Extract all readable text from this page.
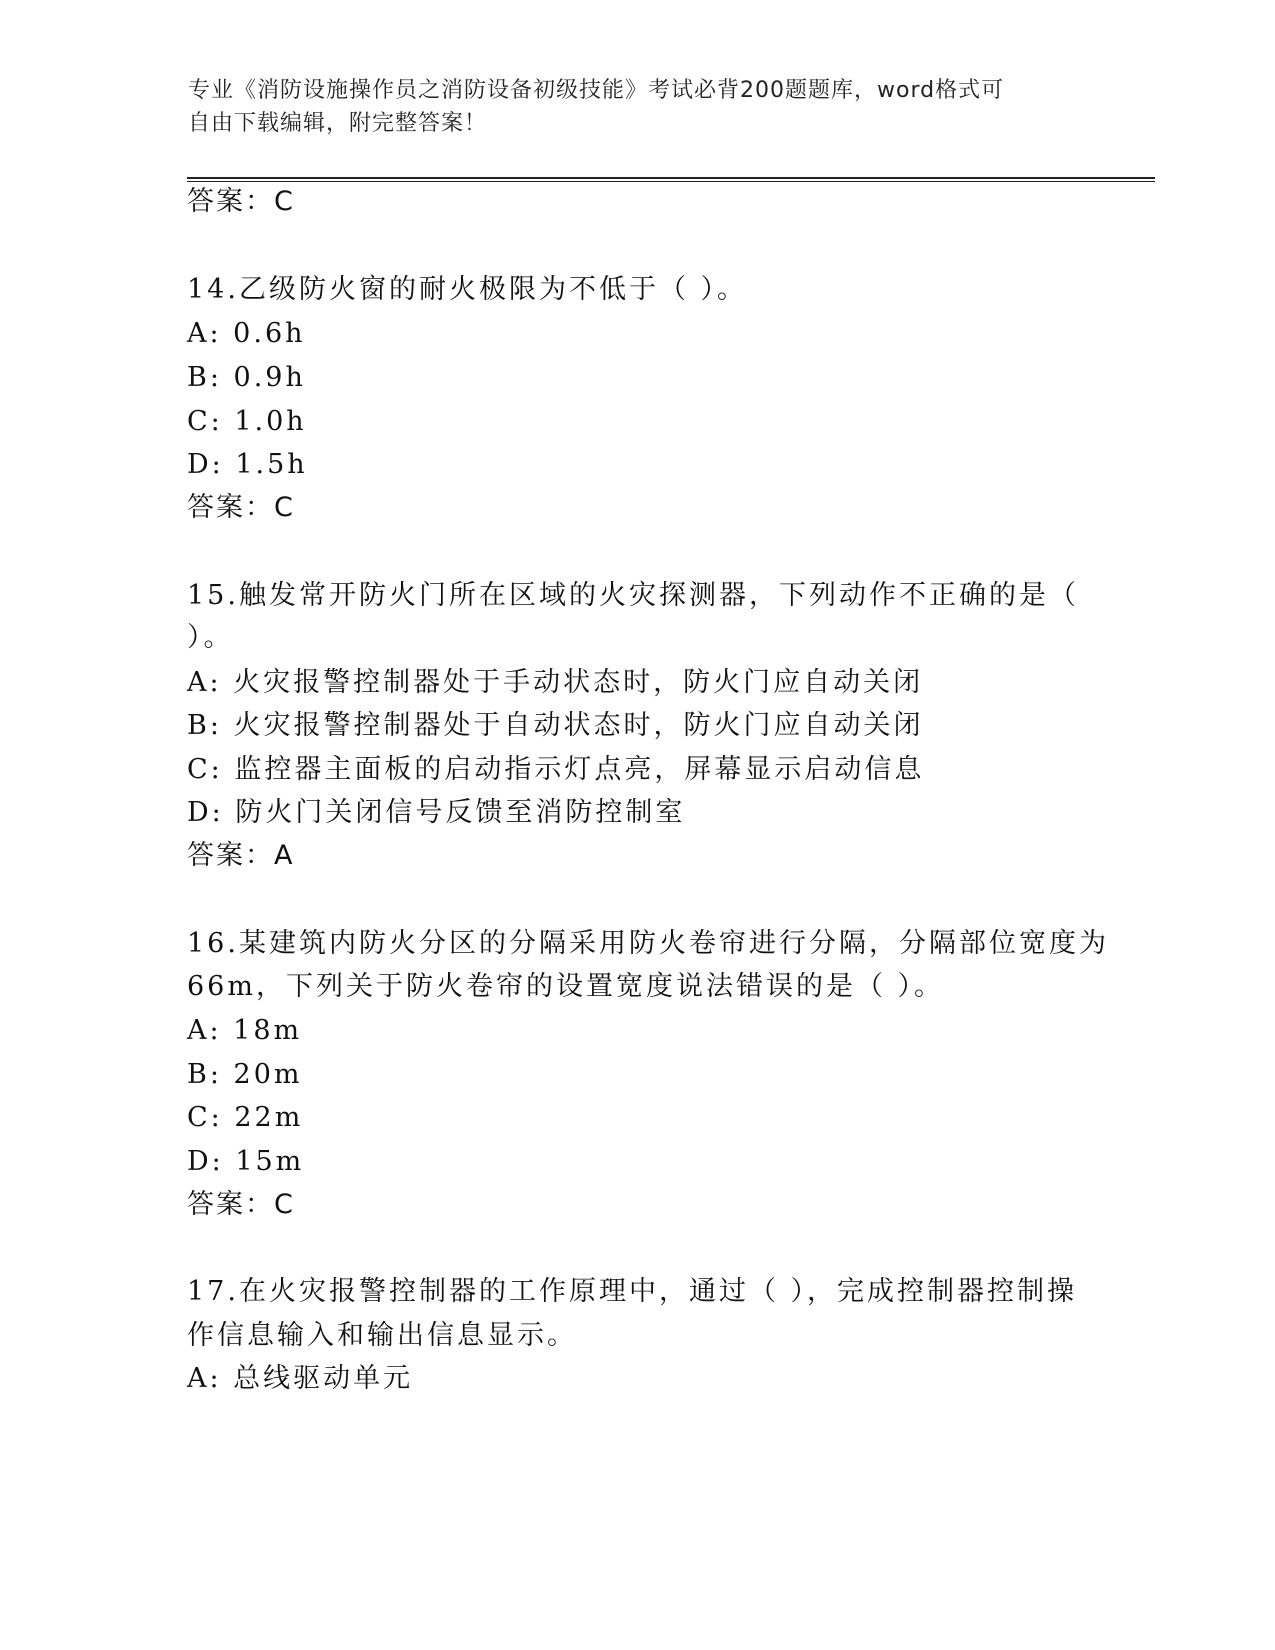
专业《消防设施操作员之消防设备初级技能》考试必背200题题库，word格式可
自由下载编辑，附完整答案！
答案：C
14.乙级防火窗的耐火极限为不低于（ ）。
A: 0.6h
B: 0.9h
C: 1.0h
D: 1.5h
答案：C
15.触发常开防火门所在区域的火灾探测器，下列动作不正确的是（
）。
A: 火灾报警控制器处于手动状态时，防火门应自动关闭
B: 火灾报警控制器处于自动状态时，防火门应自动关闭
C: 监控器主面板的启动指示灯点亮，屏幕显示启动信息
D: 防火门关闭信号反馈至消防控制室
答案：A
16.某建筑内防火分区的分隔采用防火卷帘进行分隔，分隔部位宽度为
66m，下列关于防火卷帘的设置宽度说法错误的是（ ）。
A: 18m
B: 20m
C: 22m
D: 15m
答案：C
17.在火灾报警控制器的工作原理中，通过（ ），完成控制器控制操
作信息输入和输出信息显示。
A: 总线驱动单元
